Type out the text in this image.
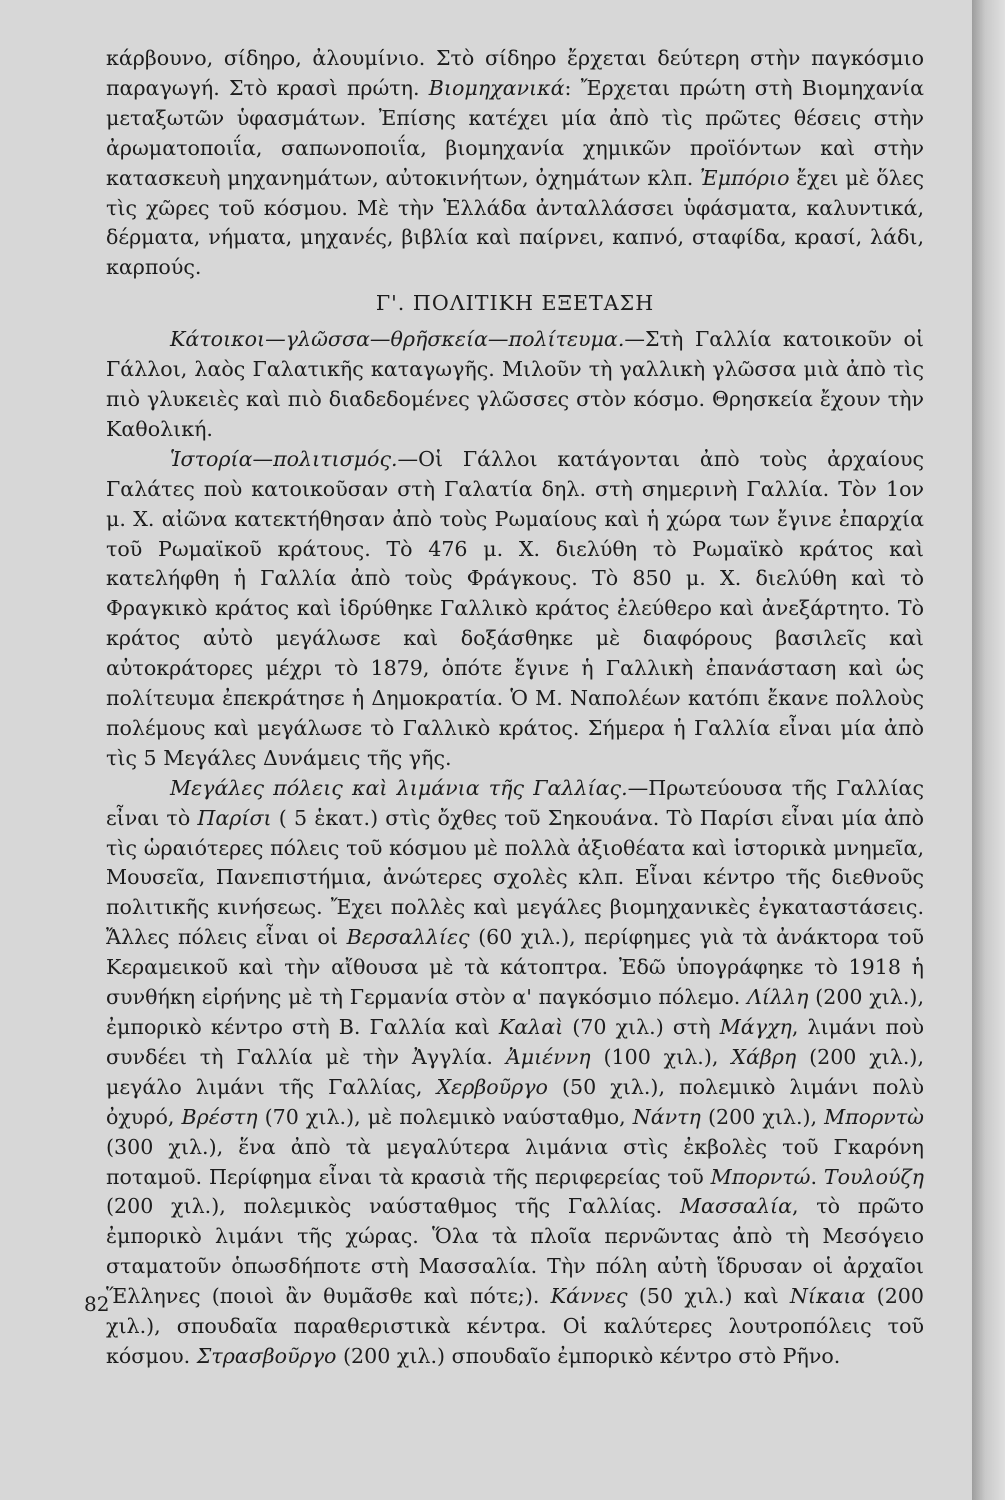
κάρβουνο, σίδηρο, ἀλουμίνιο. Στὸ σίδηρο ἔρχεται δεύτερη στὴν παγκόσμιο παραγωγή. Στὸ κρασὶ πρώτη. Βιομηχανικά: Ἔρχεται πρώτη στὴ Βιομηχανία μεταξωτῶν ὑφασμάτων. Ἐπίσης κατέχει μία ἀπὸ τὶς πρῶτες θέσεις στὴν ἀρωματοποιΐα, σαπωνοποιΐα, βιομηχανία χημικῶν προϊόντων καὶ στὴν κατασκευὴ μηχανημάτων, αὐτοκινήτων, ὀχημάτων κλπ. Ἐμπόριο ἔχει μὲ ὅλες τὶς χῶρες τοῦ κόσμου. Μὲ τὴν Ἑλλάδα ἀνταλλάσσει ὑφάσματα, καλυντικά, δέρματα, νήματα, μηχανές, βιβλία καὶ παίρνει, καπνό, σταφίδα, κρασί, λάδι, καρπούς.

Γ'. ΠΟΛΙΤΙΚΗ ΕΞΕΤΑΣΗ

Κάτοικοι—γλῶσσα—θρῆσκεία—πολίτευμα.—Στὴ Γαλλία κατοικοῦν οἱ Γάλλοι, λαὸς Γαλατικῆς καταγωγῆς. Μιλοῦν τὴ γαλλικὴ γλῶσσα μιὰ ἀπὸ τὶς πιὸ γλυκειὲς καὶ πιὸ διαδεδομένες γλῶσσες στὸν κόσμο. Θρησκεία ἔχουν τὴν Καθολική.

Ἱστορία—πολιτισμός.—Οἱ Γάλλοι κατάγονται ἀπὸ τοὺς ἀρχαίους Γαλάτες ποὺ κατοικοῦσαν στὴ Γαλατία δηλ. στὴ σημερινὴ Γαλλία. Τὸν 1ον μ. Χ. αἰῶνα κατεκτήθησαν ἀπὸ τοὺς Ρωμαίους καὶ ἡ χώρα των ἔγινε ἐπαρχία τοῦ Ρωμαϊκοῦ κράτους. Τὸ 476 μ. Χ. διελύθη τὸ Ρωμαϊκὸ κράτος καὶ κατελήφθη ἡ Γαλλία ἀπὸ τοὺς Φράγκους. Τὸ 850 μ. Χ. διελύθη καὶ τὸ Φραγκικὸ κράτος καὶ ἱδρύθηκε Γαλλικὸ κράτος ἐλεύθερο καὶ ἀνεξάρτητο. Τὸ κράτος αὐτὸ μεγάλωσε καὶ δοξάσθηκε μὲ διαφόρους βασιλεῖς καὶ αὐτοκράτορες μέχρι τὸ 1879, ὁπότε ἔγινε ἡ Γαλλικὴ ἐπανάσταση καὶ ὡς πολίτευμα ἐπεκράτησε ἡ Δημοκρατία. Ὁ Μ. Ναπολέων κατόπι ἔκανε πολλοὺς πολέμους καὶ μεγάλωσε τὸ Γαλλικὸ κράτος. Σήμερα ἡ Γαλλία εἶναι μία ἀπὸ τὶς 5 Μεγάλες Δυνάμεις τῆς γῆς.

Μεγάλες πόλεις καὶ λιμάνια τῆς Γαλλίας.—Πρωτεύουσα τῆς Γαλλίας εἶναι τὸ Παρίσι ( 5 ἑκατ.) στὶς ὄχθες τοῦ Σηκουάνα. Τὸ Παρίσι εἶναι μία ἀπὸ τὶς ὡραιότερες πόλεις τοῦ κόσμου μὲ πολλὰ ἀξιοθέατα καὶ ἱστορικὰ μνημεῖα, Μουσεῖα, Πανεπιστήμια, ἀνώτερες σχολὲς κλπ. Εἶναι κέντρο τῆς διεθνοῦς πολιτικῆς κινήσεως. Ἔχει πολλὲς καὶ μεγάλες βιομηχανικὲς ἐγκαταστάσεις. Ἄλλες πόλεις εἶναι οἱ Βερσαλλίες (60 χιλ.), περίφημες γιὰ τὰ ἀνάκτορα τοῦ Κεραμεικοῦ καὶ τὴν αἴθουσα μὲ τὰ κάτοπτρα. Ἐδῶ ὑπογράφηκε τὸ 1918 ἡ συνθήκη εἰρήνης μὲ τὴ Γερμανία στὸν α' παγκόσμιο πόλεμο. Λίλλη (200 χιλ.), ἐμπορικὸ κέντρο στὴ Β. Γαλλία καὶ Καλαὶ (70 χιλ.) στὴ Μάγχη, λιμάνι ποὺ συνδέει τὴ Γαλλία μὲ τὴν Ἀγγλία. Ἀμιέννη (100 χιλ.), Χάβρη (200 χιλ.), μεγάλο λιμάνι τῆς Γαλλίας, Χερβοῦργο (50 χιλ.), πολεμικὸ λιμάνι πολὺ ὀχυρό, Βρέστη (70 χιλ.), μὲ πολεμικὸ ναύσταθμο, Νάντη (200 χιλ.), Μπορντὼ (300 χιλ.), ἕνα ἀπὸ τὰ μεγαλύτερα λιμάνια στὶς ἐκβολὲς τοῦ Γκαρόνη ποταμοῦ. Περίφημα εἶναι τὰ κρασιὰ τῆς περιφερείας τοῦ Μπορντώ. Τουλούζη (200 χιλ.), πολεμικὸς ναύσταθμος τῆς Γαλλίας. Μασσαλία, τὸ πρῶτο ἐμπορικὸ λιμάνι τῆς χώρας. Ὅλα τὰ πλοῖα περνῶντας ἀπὸ τὴ Μεσόγειο σταματοῦν ὁπωσδήποτε στὴ Μασσαλία. Τὴν πόλη αὐτὴ ἵδρυσαν οἱ ἀρχαῖοι Ἕλληνες (ποιοὶ ἂν θυμᾶσθε καὶ πότε;). Κάννες (50 χιλ.) καὶ Νίκαια (200 χιλ.), σπουδαῖα παραθεριστικὰ κέντρα. Οἱ καλύτερες λουτροπόλεις τοῦ κόσμου. Στρασβοῦργο (200 χιλ.) σπουδαῖο ἐμπορικὸ κέντρο στὸ Ρῆνο.

82
